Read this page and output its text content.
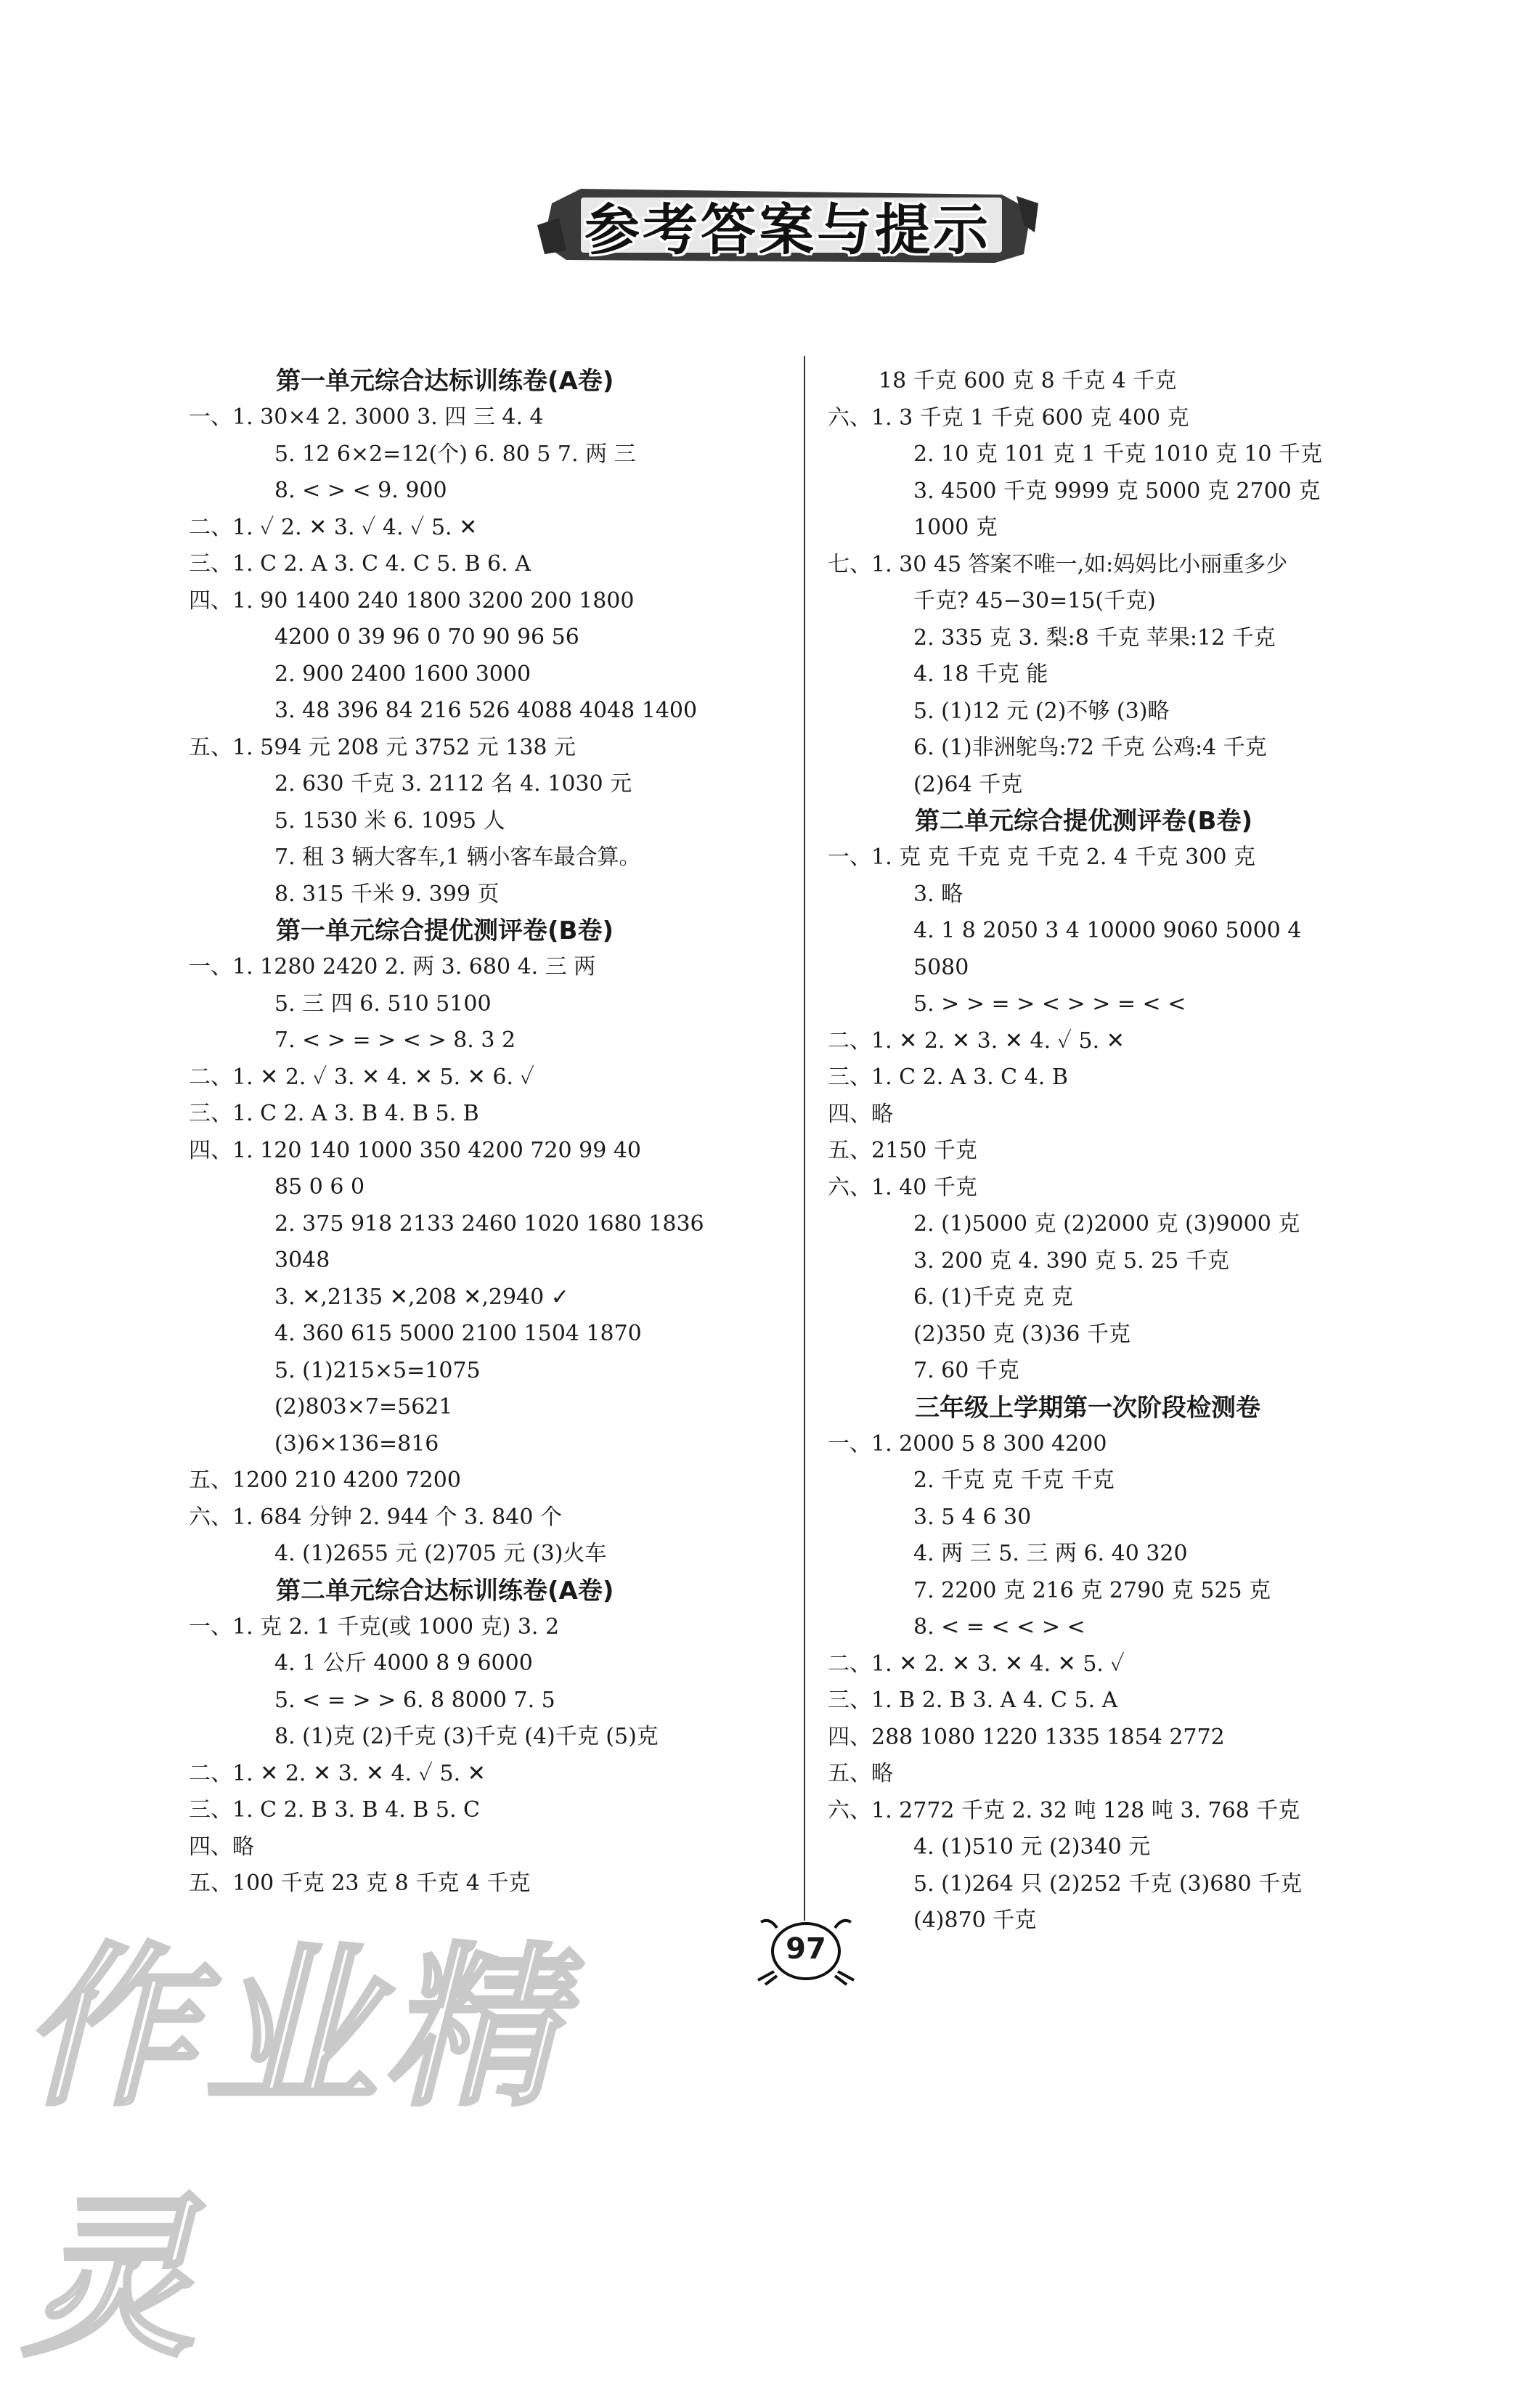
参考答案与提示
第一单元综合达标训练卷(A卷)
一、1. 30×4 2. 3000 3. 四 三 4. 4
5. 12 6×2=12(个) 6. 80 5 7. 两 三
8. < > < 9. 900
二、1. ✓ 2. ✕ 3. ✓ 4. ✓ 5. ✕
三、1. C 2. A 3. C 4. C 5. B 6. A
四、1. 90 1400 240 1800 3200 200 1800
4200 0 39 96 0 70 90 96 56
2. 900 2400 1600 3000
3. 48 396 84 216 526 4088 4048 1400
五、1. 594 元 208 元 3752 元 138 元
2. 630 千克 3. 2112 名 4. 1030 元
5. 1530 米 6. 1095 人
7. 租 3 辆大客车,1 辆小客车最合算。
8. 315 千米 9. 399 页
第一单元综合提优测评卷(B卷)
一、1. 1280 2420 2. 两 3. 680 4. 三 两
5. 三 四 6. 510 5100
7. < > = > < > 8. 3 2
二、1. ✕ 2. ✓ 3. ✕ 4. ✕ 5. ✕ 6. ✓
三、1. C 2. A 3. B 4. B 5. B
四、1. 120 140 1000 350 4200 720 99 40
85 0 6 0
2. 375 918 2133 2460 1020 1680 1836
3048
3. ✕,2135 ✕,208 ✕,2940 ✓
4. 360 615 5000 2100 1504 1870
5. (1)215×5=1075
(2)803×7=5621
(3)6×136=816
五、1200 210 4200 7200
六、1. 684 分钟 2. 944 个 3. 840 个
4. (1)2655 元 (2)705 元 (3)火车
第二单元综合达标训练卷(A卷)
一、1. 克 2. 1 千克(或 1000 克) 3. 2
4. 1 公斤 4000 8 9 6000
5. < = > > 6. 8 8000 7. 5
8. (1)克 (2)千克 (3)千克 (4)千克 (5)克
二、1. ✕ 2. ✕ 3. ✕ 4. ✓ 5. ✕
三、1. C 2. B 3. B 4. B 5. C
四、略
五、100 千克 23 克 8 千克 4 千克
18 千克 600 克 8 千克 4 千克
六、1. 3 千克 1 千克 600 克 400 克
2. 10 克 101 克 1 千克 1010 克 10 千克
3. 4500 千克 9999 克 5000 克 2700 克
1000 克
七、1. 30 45 答案不唯一,如:妈妈比小丽重多少
千克? 45−30=15(千克)
2. 335 克 3. 梨:8 千克 苹果:12 千克
4. 18 千克 能
5. (1)12 元 (2)不够 (3)略
6. (1)非洲鸵鸟:72 千克 公鸡:4 千克
(2)64 千克
第二单元综合提优测评卷(B卷)
一、1. 克 克 千克 克 千克 2. 4 千克 300 克
3. 略
4. 1 8 2050 3 4 10000 9060 5000 4
5080
5. > > = > < > > = < <
二、1. ✕ 2. ✕ 3. ✕ 4. ✓ 5. ✕
三、1. C 2. A 3. C 4. B
四、略
五、2150 千克
六、1. 40 千克
2. (1)5000 克 (2)2000 克 (3)9000 克
3. 200 克 4. 390 克 5. 25 千克
6. (1)千克 克 克
(2)350 克 (3)36 千克
7. 60 千克
三年级上学期第一次阶段检测卷
一、1. 2000 5 8 300 4200
2. 千克 克 千克 千克
3. 5 4 6 30
4. 两 三 5. 三 两 6. 40 320
7. 2200 克 216 克 2790 克 525 克
8. < = < < > <
二、1. ✕ 2. ✕ 3. ✕ 4. ✕ 5. ✓
三、1. B 2. B 3. A 4. C 5. A
四、288 1080 1220 1335 1854 2772
五、略
六、1. 2772 千克 2. 32 吨 128 吨 3. 768 千克
4. (1)510 元 (2)340 元
5. (1)264 只 (2)252 千克 (3)680 千克
(4)870 千克
97
作业精灵
